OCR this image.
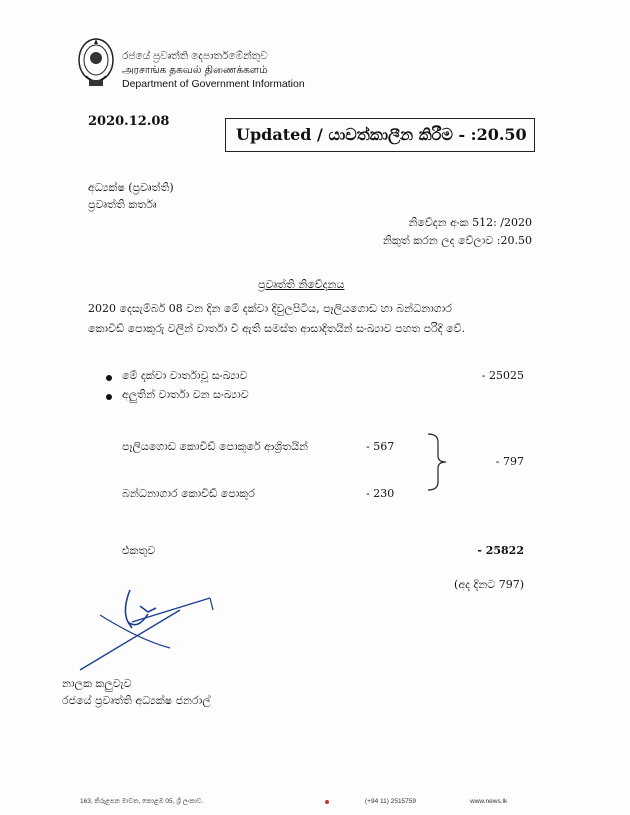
රජයේ ප්‍රවෘත්ති දෙපාර්තමේන්තුව
அரசாங்க தகவல் திணைக்களம்
Department of Government Information
2020.12.08
Updated / යාවත්කාලීන කිරීම - :20.50
අධ්‍යක්ෂ (ප්‍රවෘත්ති)
ප්‍රවෘත්ති කර්තෘ
නිවේදන අංක 512: /2020
නිකුත් කරන ලද වේලාව :20.50
ප්‍රවෘත්ති නිවේදනය
2020 දෙසැම්බර් 08 වන දින මේ දක්වා දිවුලපිටිය, පෑලියගොඩ හා බන්ධනාගාර
කොවිඩ් පොකුරු වලින් වාර්තා වී ඇති සමස්ත ආසාදිතයින් සංඛ්‍යාව පහත පරිදි වේ.
මේ දක්වා වාර්තාවූ සංඛ්‍යාව	- 25025
අලුතින් වාර්තා වන සංඛ්‍යාව
පෑලියගොඩ කොවිඩ් පොකුරේ ආශ්‍රිතයින්	- 567
බන්ධනාගාර කොවිඩ් පොකුර	- 230
- 797
එකතුව	- 25822
(අද දිනට 797)
නාලක කලුවැව
රජයේ ප්‍රවෘත්ති අධ්‍යක්ෂ ජනරාල්
163, කිරුළපන මාවත, කොළඹ 05, ශ්‍රී ලංකාව.	(+94 11) 2515759	www.news.lk
